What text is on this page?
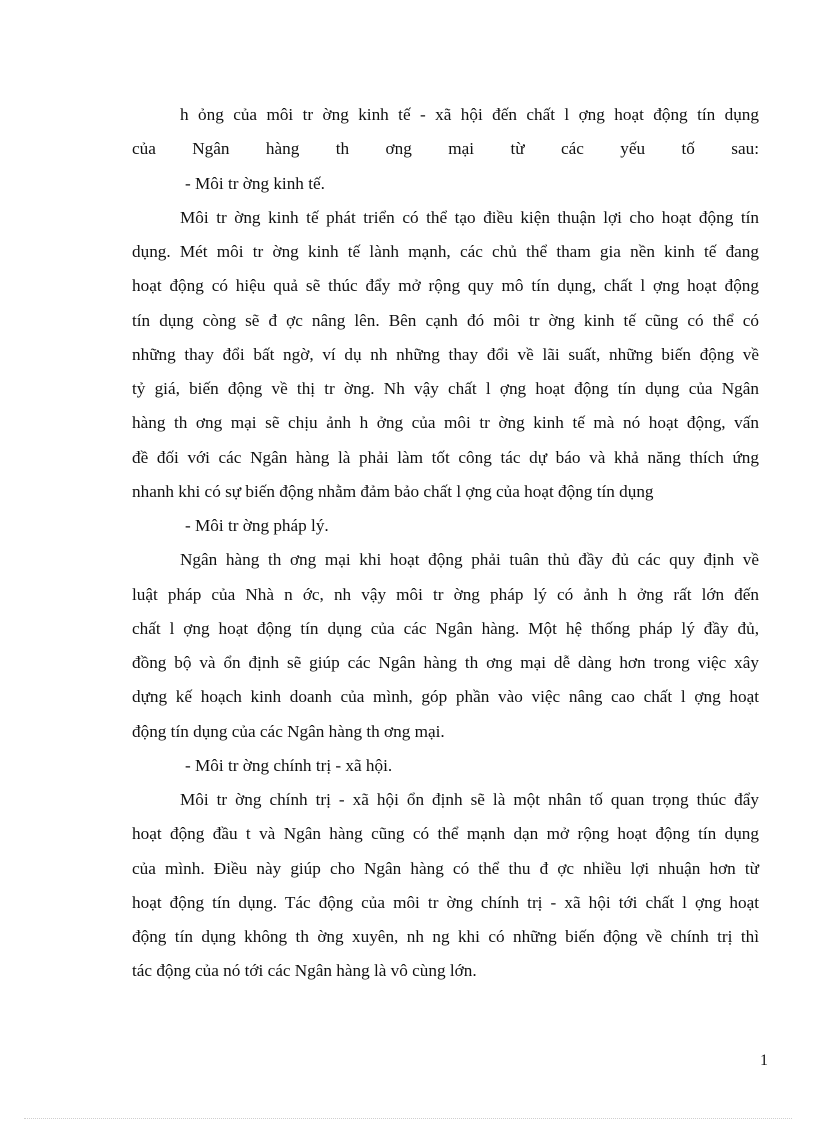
h ỏng của môi tr ờng kinh tế - xã hội đến chất l ợng hoạt động tín dụng

của Ngân hàng th ơng mại từ các yếu tố sau:

- Môi tr ờng kinh tế.

Môi tr ờng kinh tế phát triển có thể tạo điều kiện thuận lợi cho hoạt động tín

dụng. Mét môi tr ờng kinh tế lành mạnh, các chủ thể tham gia nền kinh tế đang

hoạt động có hiệu quả sẽ thúc đẩy mở rộng quy mô tín dụng, chất l ợng hoạt động

tín dụng còng sẽ đ ợc nâng lên. Bên cạnh đó môi tr ờng kinh tế cũng có thể có

những thay đổi bất ngờ, ví dụ nh những thay đổi về lãi suất, những biến động về

tỷ giá, biến động về thị tr ờng. Nh vậy chất l ợng hoạt động tín dụng của Ngân

hàng th ơng mại sẽ chịu ảnh h ởng của môi tr ờng kinh tế mà nó hoạt động, vấn

đề đối với các Ngân hàng là phải làm tốt công tác dự báo và khả năng thích ứng

nhanh khi có sự biến động nhằm đảm bảo chất l ợng của hoạt động tín dụng

- Môi tr ờng pháp lý.

Ngân hàng th ơng mại khi hoạt động phải tuân thủ đầy đủ các quy định về

luật pháp của Nhà n ớc, nh vậy môi tr ờng pháp lý có ảnh h ởng rất lớn đến

chất l ợng hoạt động tín dụng của các Ngân hàng. Một hệ thống pháp lý đầy đủ,

đồng bộ và ổn định sẽ giúp các Ngân hàng th ơng mại dễ dàng hơn trong việc xây

dựng kế hoạch kinh doanh của mình, góp phần vào việc nâng cao chất l ợng hoạt

động tín dụng của các Ngân hàng th ơng mại.

- Môi tr ờng chính trị - xã hội.

Môi tr ờng chính trị - xã hội ổn định sẽ là một nhân tố quan trọng thúc đẩy

hoạt động đầu t và Ngân hàng cũng có thể mạnh dạn mở rộng hoạt động tín dụng

của mình. Điều này giúp cho Ngân hàng có thể thu đ ợc nhiều lợi nhuận hơn từ

hoạt động tín dụng. Tác động của môi tr ờng chính trị - xã hội tới chất l ợng hoạt

động tín dụng không th ờng xuyên, nh ng khi có những biến động về chính trị thì

tác động của nó tới các Ngân hàng là vô cùng lớn.

1
